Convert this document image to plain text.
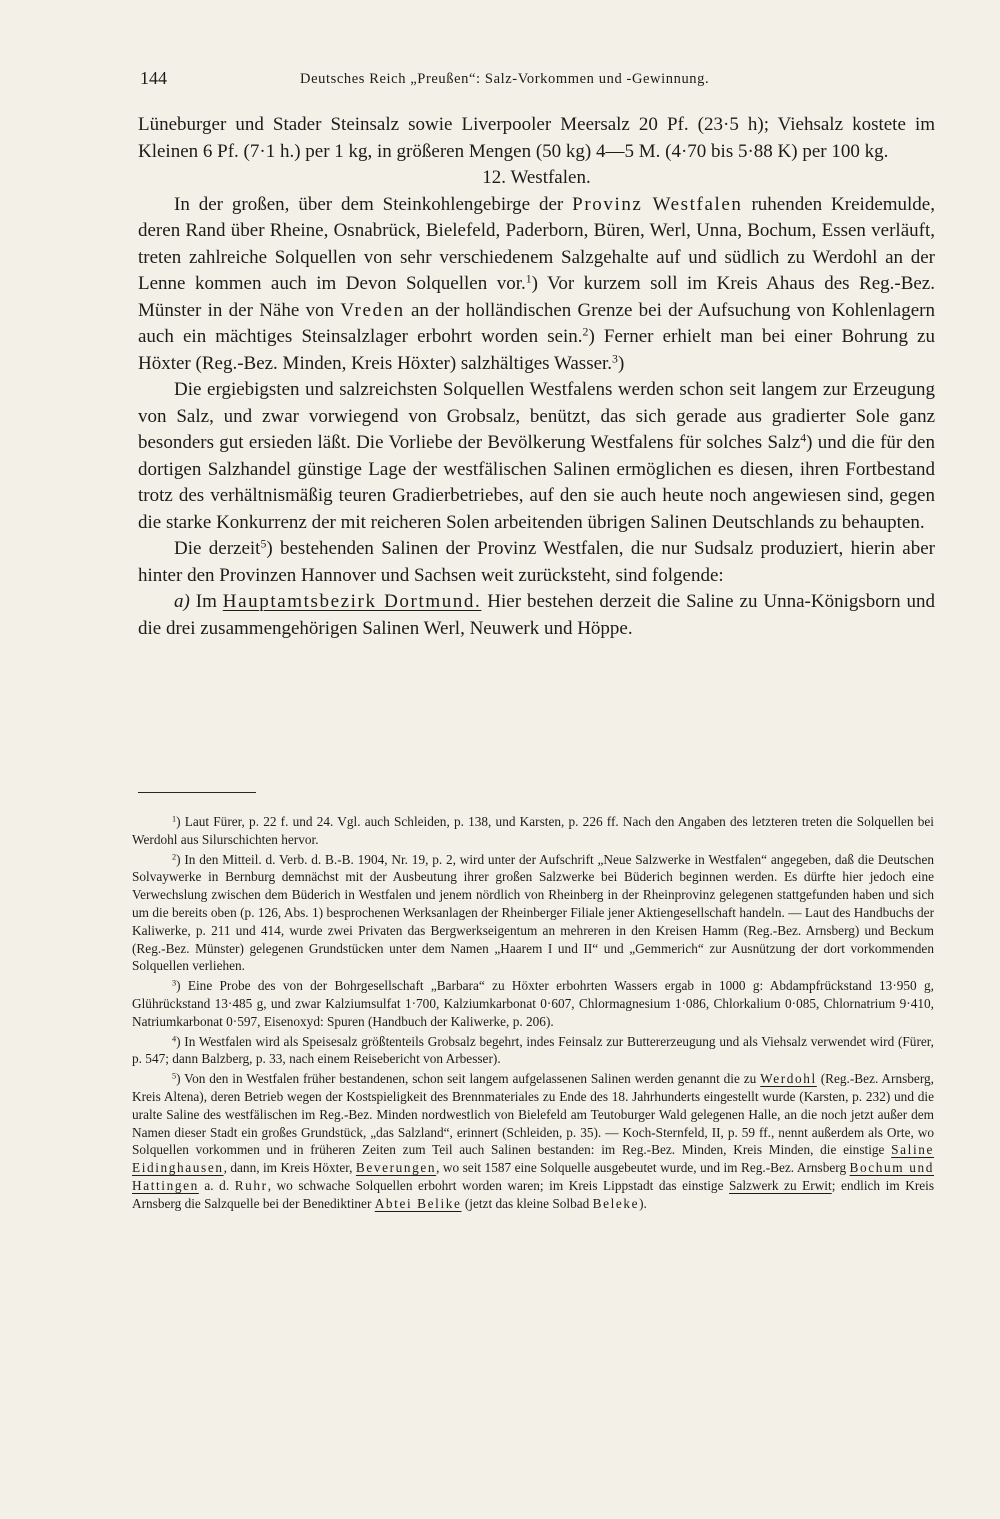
144	Deutsches Reich „Preußen“: Salz-Vorkommen und -Gewinnung.

Lüneburger und Stader Steinsalz sowie Liverpooler Meersalz 20 Pf. (23·5 h); Viehsalz kostete im Kleinen 6 Pf. (7·1 h.) per 1 kg, in größeren Mengen (50 kg) 4—5 M. (4·70 bis 5·88 K) per 100 kg.

12. Westfalen.

In der großen, über dem Steinkohlengebirge der Provinz Westfalen ruhenden Kreidemulde, deren Rand über Rheine, Osnabrück, Bielefeld, Paderborn, Büren, Werl, Unna, Bochum, Essen verläuft, treten zahlreiche Solquellen von sehr verschiedenem Salzgehalte auf und südlich zu Werdohl an der Lenne kommen auch im Devon Solquellen vor.$^1$) Vor kurzem soll im Kreis Ahaus des Reg.-Bez. Münster in der Nähe von Vreden an der holländischen Grenze bei der Aufsuchung von Kohlenlagern auch ein mächtiges Steinsalzlager erbohrt worden sein.$^2$) Ferner erhielt man bei einer Bohrung zu Höxter (Reg.-Bez. Minden, Kreis Höxter) salzhältiges Wasser.$^3$)

Die ergiebigsten und salzreichsten Solquellen Westfalens werden schon seit langem zur Erzeugung von Salz, und zwar vorwiegend von Grobsalz, benützt, das sich gerade aus gradierter Sole ganz besonders gut ersieden läßt. Die Vorliebe der Bevölkerung Westfalens für solches Salz$^4$) und die für den dortigen Salzhandel günstige Lage der westfälischen Salinen ermöglichen es diesen, ihren Fortbestand trotz des verhältnismäßig teuren Gradierbetriebes, auf den sie auch heute noch angewiesen sind, gegen die starke Konkurrenz der mit reicheren Solen arbeitenden übrigen Salinen Deutschlands zu behaupten.

Die derzeit$^5$) bestehenden Salinen der Provinz Westfalen, die nur Sudsalz produziert, hierin aber hinter den Provinzen Hannover und Sachsen weit zurücksteht, sind folgende:

a) Im Hauptamtsbezirk Dortmund. Hier bestehen derzeit die Saline zu Unna-Königsborn und die drei zusammengehörigen Salinen Werl, Neuwerk und Höppe.

$^1$) Laut Fürer, p. 22 f. und 24. Vgl. auch Schleiden, p. 138, und Karsten, p. 226 ff. Nach den Angaben des letzteren treten die Solquellen bei Werdohl aus Silurschichten hervor.

$^2$) In den Mitteil. d. Verb. d. B.-B. 1904, Nr. 19, p. 2, wird unter der Aufschrift „Neue Salzwerke in Westfalen“ angegeben, daß die Deutschen Solvaywerke in Bernburg demnächst mit der Ausbeutung ihrer großen Salzwerke bei Büderich beginnen werden. Es dürfte hier jedoch eine Verwechslung zwischen dem Büderich in Westfalen und jenem nördlich von Rheinberg in der Rheinprovinz gelegenen stattgefunden haben und sich um die bereits oben (p. 126, Abs. 1) besprochenen Werksanlagen der Rheinberger Filiale jener Aktiengesellschaft handeln. — Laut des Handbuchs der Kaliwerke, p. 211 und 414, wurde zwei Privaten das Bergwerkseigentum an mehreren in den Kreisen Hamm (Reg.-Bez. Arnsberg) und Beckum (Reg.-Bez. Münster) gelegenen Grundstücken unter dem Namen „Haarem I und II“ und „Gemmerich“ zur Ausnützung der dort vorkommenden Solquellen verliehen.

$^3$) Eine Probe des von der Bohrgesellschaft „Barbara“ zu Höxter erbohrten Wassers ergab in 1000 g: Abdampfrückstand 13·950 g, Glührückstand 13·485 g, und zwar Kalziumsulfat 1·700, Kalziumkarbonat 0·607, Chlormagnesium 1·086, Chlorkalium 0·085, Chlornatrium 9·410, Natriumkarbonat 0·597, Eisenoxyd: Spuren (Handbuch der Kaliwerke, p. 206).

$^4$) In Westfalen wird als Speisesalz größtenteils Grobsalz begehrt, indes Feinsalz zur Buttererzeugung und als Viehsalz verwendet wird (Fürer, p. 547; dann Balzberg, p. 33, nach einem Reisebericht von Arbesser).

$^5$) Von den in Westfalen früher bestandenen, schon seit langem aufgelassenen Salinen werden genannt die zu Werdohl (Reg.-Bez. Arnsberg, Kreis Altena), deren Betrieb wegen der Kostspieligkeit des Brennmateriales zu Ende des 18. Jahrhunderts eingestellt wurde (Karsten, p. 232) und die uralte Saline des westfälischen im Reg.-Bez. Minden nordwestlich von Bielefeld am Teutoburger Wald gelegenen Halle, an die noch jetzt außer dem Namen dieser Stadt ein großes Grundstück, „das Salzland“, erinnert (Schleiden, p. 35). — Koch-Sternfeld, II, p. 59 ff., nennt außerdem als Orte, wo Solquellen vorkommen und in früheren Zeiten zum Teil auch Salinen bestanden: im Reg.-Bez. Minden, Kreis Minden, die einstige Saline Eidinghausen, dann, im Kreis Höxter, Beverungen, wo seit 1587 eine Solquelle ausgebeutet wurde, und im Reg.-Bez. Arnsberg Bochum und Hattingen a. d. Ruhr, wo schwache Solquellen erbohrt worden waren; im Kreis Lippstadt das einstige Salzwerk zu Erwit; endlich im Kreis Arnsberg die Salzquelle bei der Benediktiner Abtei Belike (jetzt das kleine Solbad Beleke).
